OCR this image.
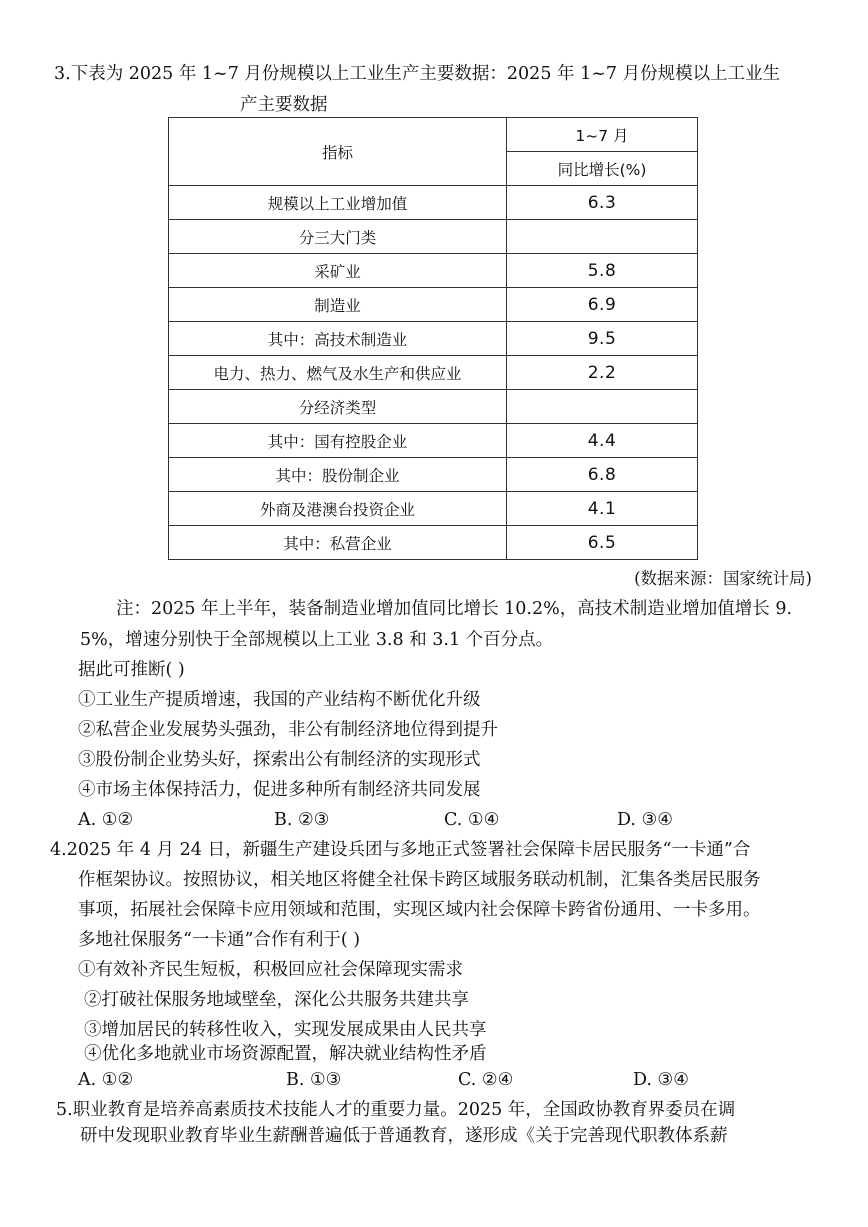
3.下表为 2025 年 1~7 月份规模以上工业生产主要数据：2025 年 1~7 月份规模以上工业生
产主要数据
指标	1~7 月
	同比增长(%)
规模以上工业增加值	6.3
分三大门类	
采矿业	5.8
制造业	6.9
其中：高技术制造业	9.5
电力、热力、燃气及水生产和供应业	2.2
分经济类型	
其中：国有控股企业	4.4
其中：股份制企业	6.8
外商及港澳台投资企业	4.1
其中：私营企业	6.5
(数据来源：国家统计局)
注：2025 年上半年，装备制造业增加值同比增长 10.2%，高技术制造业增加值增长 9.
5%，增速分别快于全部规模以上工业 3.8 和 3.1 个百分点。
据此可推断( )
①工业生产提质增速，我国的产业结构不断优化升级
②私营企业发展势头强劲，非公有制经济地位得到提升
③股份制企业势头好，探索出公有制经济的实现形式
④市场主体保持活力，促进多种所有制经济共同发展
A. ①②	B. ②③	C. ①④	D. ③④
4.2025 年 4 月 24 日，新疆生产建设兵团与多地正式签署社会保障卡居民服务“一卡通”合
作框架协议。按照协议，相关地区将健全社保卡跨区域服务联动机制，汇集各类居民服务
事项，拓展社会保障卡应用领域和范围，实现区域内社会保障卡跨省份通用、一卡多用。
多地社保服务“一卡通”合作有利于( )
①有效补齐民生短板，积极回应社会保障现实需求
②打破社保服务地域壁垒，深化公共服务共建共享
③增加居民的转移性收入，实现发展成果由人民共享
④优化多地就业市场资源配置，解决就业结构性矛盾
A. ①②	B. ①③	C. ②④	D. ③④
5.职业教育是培养高素质技术技能人才的重要力量。2025 年，全国政协教育界委员在调
研中发现职业教育毕业生薪酬普遍低于普通教育，遂形成《关于完善现代职教体系薪
